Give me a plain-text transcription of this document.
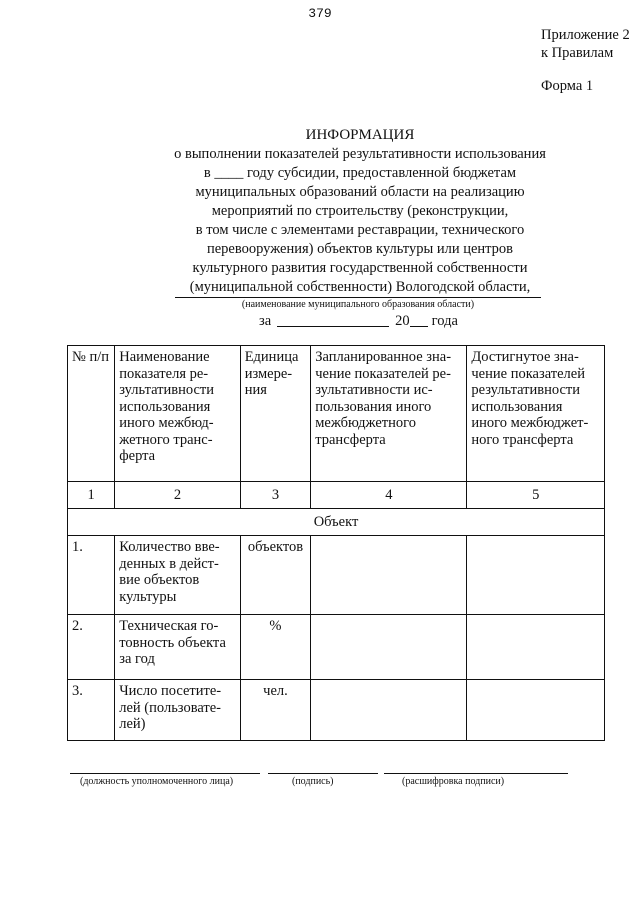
379
Приложение 2
к Правилам
Форма 1
ИНФОРМАЦИЯ
о выполнении показателей результативности использования
в ____ году субсидии, предоставленной бюджетам
муниципальных образований области на реализацию
мероприятий по строительству (реконструкции,
в том числе с элементами реставрации, технического
перевооружения) объектов культуры или центров
культурного развития государственной собственности
(муниципальной собственности) Вологодской области,
(наименование муниципального образования области)
за	20 года
№ п/п	Наименование показателя ре- зультативности использования иного межбюд- жетного транс- ферта	Единица измере- ния	Запланированное зна- чение показателей ре- зультативности ис- пользования иного межбюджетного трансферта	Достигнутое зна- чение показателей результативности использования иного межбюджет- ного трансферта
1	2	3	4	5
Объект				
1.	Количество вве- денных в дейст- вие объектов культуры	объектов		
2.	Техническая го- товность объекта за год	%		
3.	Число посетите- лей (пользовате- лей)	чел.		
(должность уполномоченного лица)	(подпись)	(расшифровка подписи)
